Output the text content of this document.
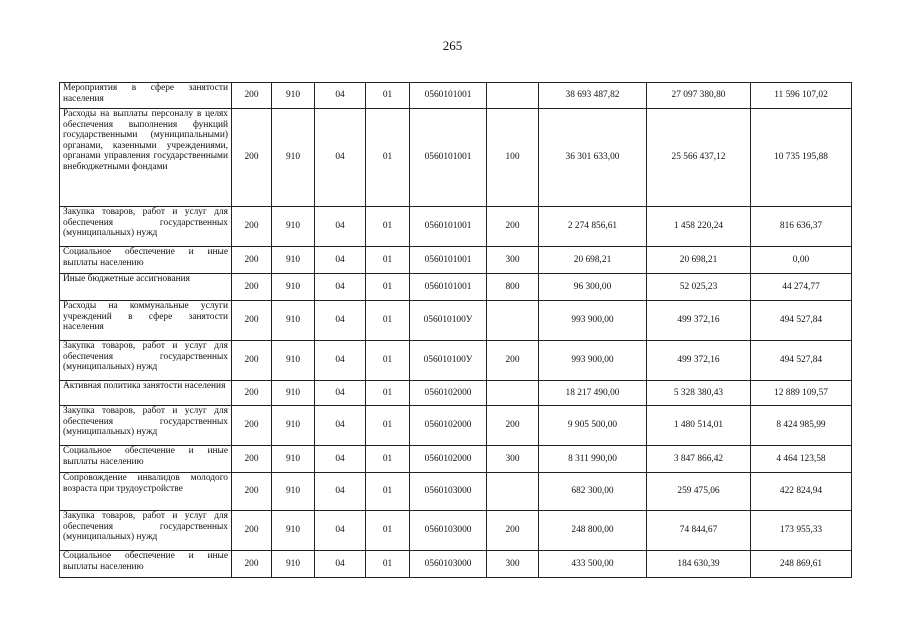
265
Мероприятия в сфере занятости населения	200	910	04	01	0560101001		38 693 487,82	27 097 380,80	11 596 107,02
Расходы на выплаты персоналу в целях обеспечения выполнения функций государственными (муниципальными) органами, казенными учреждениями, органами управления государственными внебюджетными фондами	200	910	04	01	0560101001	100	36 301 633,00	25 566 437,12	10 735 195,88
Закупка товаров, работ и услуг для обеспечения государственных (муниципальных) нужд	200	910	04	01	0560101001	200	2 274 856,61	1 458 220,24	816 636,37
Социальное обеспечение и иные выплаты населению	200	910	04	01	0560101001	300	20 698,21	20 698,21	0,00
Иные бюджетные ассигнования	200	910	04	01	0560101001	800	96 300,00	52 025,23	44 274,77
Расходы на коммунальные услуги учреждений в сфере занятости населения	200	910	04	01	056010100У		993 900,00	499 372,16	494 527,84
Закупка товаров, работ и услуг для обеспечения государственных (муниципальных) нужд	200	910	04	01	056010100У	200	993 900,00	499 372,16	494 527,84
Активная политика занятости населения	200	910	04	01	0560102000		18 217 490,00	5 328 380,43	12 889 109,57
Закупка товаров, работ и услуг для обеспечения государственных (муниципальных) нужд	200	910	04	01	0560102000	200	9 905 500,00	1 480 514,01	8 424 985,99
Социальное обеспечение и иные выплаты населению	200	910	04	01	0560102000	300	8 311 990,00	3 847 866,42	4 464 123,58
Сопровождение инвалидов молодого возраста при трудоустройстве	200	910	04	01	0560103000		682 300,00	259 475,06	422 824,94
Закупка товаров, работ и услуг для обеспечения государственных (муниципальных) нужд	200	910	04	01	0560103000	200	248 800,00	74 844,67	173 955,33
Социальное обеспечение и иные выплаты населению	200	910	04	01	0560103000	300	433 500,00	184 630,39	248 869,61
